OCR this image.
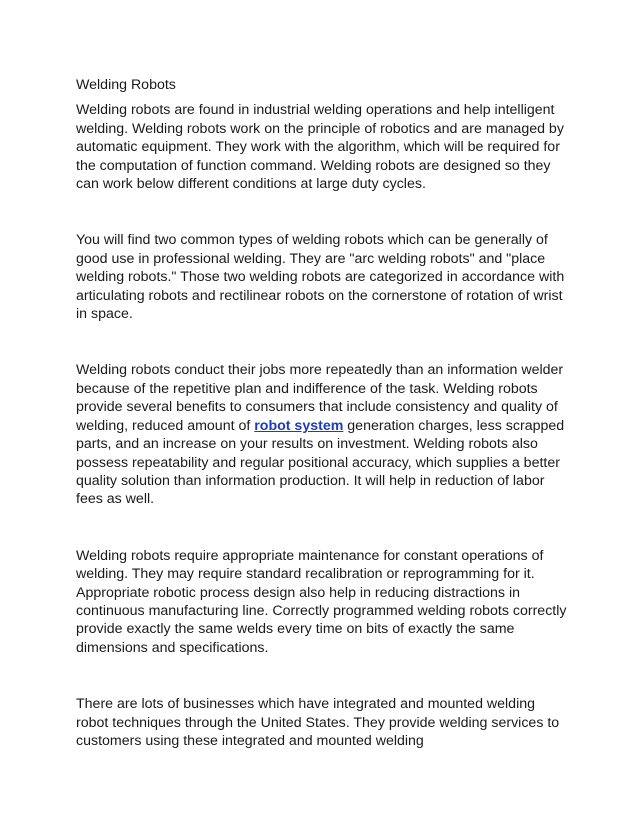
Welding Robots

Welding robots are found in industrial welding operations and help intelligent welding. Welding robots work on the principle of robotics and are managed by automatic equipment. They work with the algorithm, which will be required for the computation of function command. Welding robots are designed so they can work below different conditions at large duty cycles.

You will find two common types of welding robots which can be generally of good use in professional welding. They are "arc welding robots" and "place welding robots." Those two welding robots are categorized in accordance with articulating robots and rectilinear robots on the cornerstone of rotation of wrist in space.

Welding robots conduct their jobs more repeatedly than an information welder because of the repetitive plan and indifference of the task. Welding robots provide several benefits to consumers that include consistency and quality of welding, reduced amount of robot system generation charges, less scrapped parts, and an increase on your results on investment. Welding robots also possess repeatability and regular positional accuracy, which supplies a better quality solution than information production. It will help in reduction of labor fees as well.

Welding robots require appropriate maintenance for constant operations of welding. They may require standard recalibration or reprogramming for it. Appropriate robotic process design also help in reducing distractions in continuous manufacturing line. Correctly programmed welding robots correctly provide exactly the same welds every time on bits of exactly the same dimensions and specifications.

There are lots of businesses which have integrated and mounted welding robot techniques through the United States. They provide welding services to customers using these integrated and mounted welding
